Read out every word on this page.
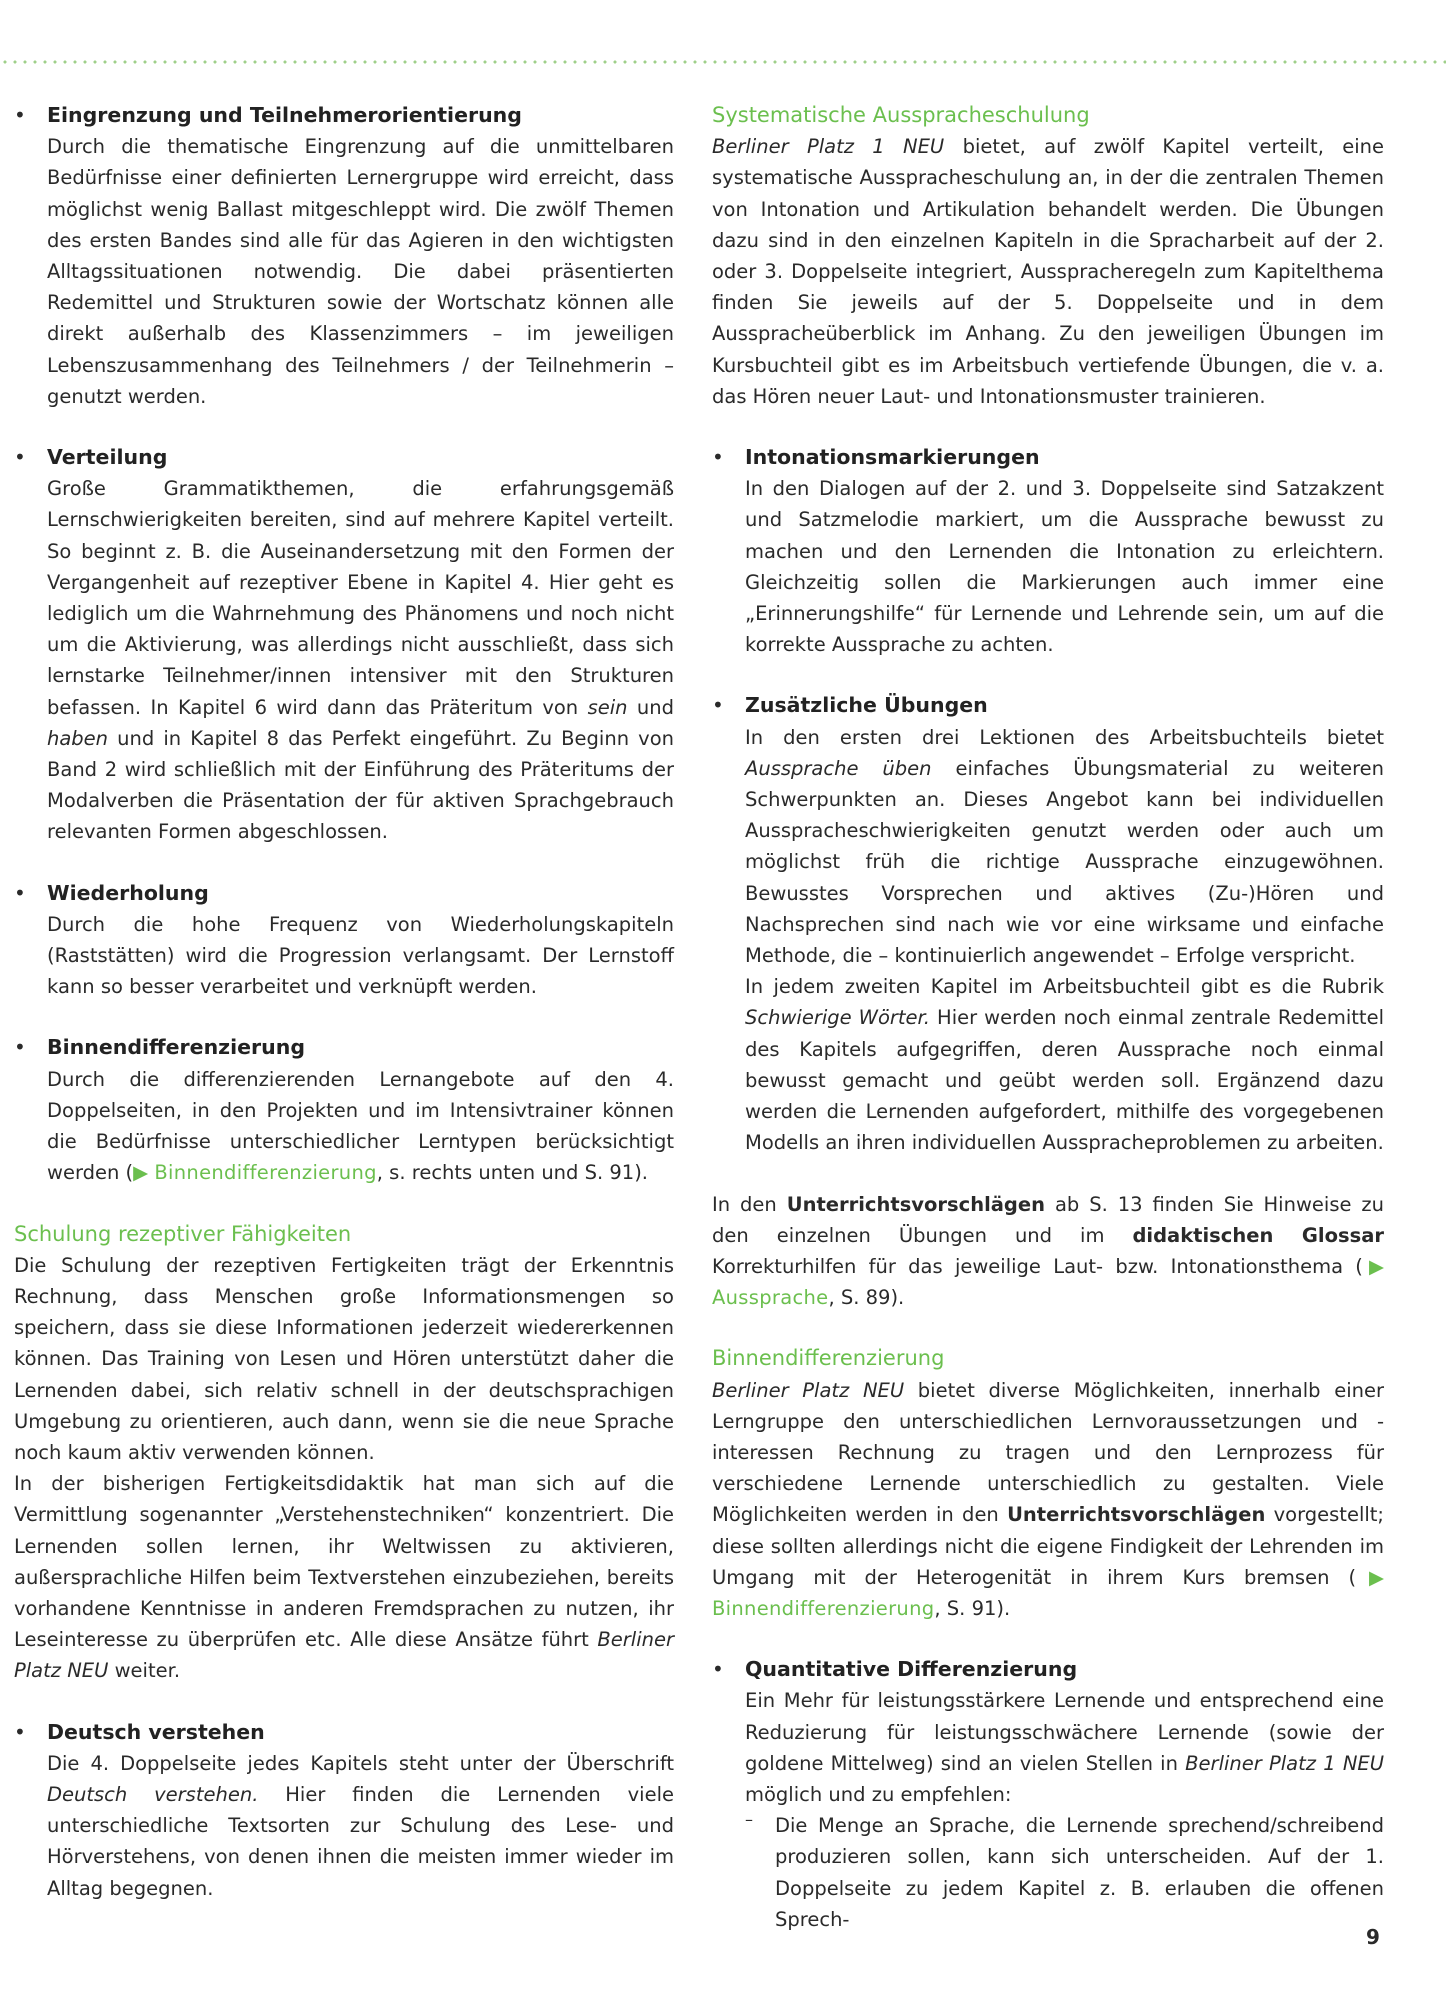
• Eingrenzung und Teilnehmerorientierung

Durch die thematische Eingrenzung auf die unmittelbaren Bedürfnisse einer definierten Lernergruppe wird erreicht, dass möglichst wenig Ballast mitgeschleppt wird. Die zwölf Themen des ersten Bandes sind alle für das Agieren in den wichtigsten Alltagssituationen notwendig. Die dabei präsentierten Redemittel und Strukturen sowie der Wortschatz können alle direkt außerhalb des Klassenzimmers – im jeweiligen Lebenszusammenhang des Teilnehmers / der Teilnehmerin – genutzt werden.

• Verteilung

Große Grammatikthemen, die erfahrungsgemäß Lernschwierigkeiten bereiten, sind auf mehrere Kapitel verteilt. So beginnt z. B. die Auseinandersetzung mit den Formen der Vergangenheit auf rezeptiver Ebene in Kapitel 4. Hier geht es lediglich um die Wahrnehmung des Phänomens und noch nicht um die Aktivierung, was allerdings nicht ausschließt, dass sich lernstarke Teilnehmer/innen intensiver mit den Strukturen befassen. In Kapitel 6 wird dann das Präteritum von sein und haben und in Kapitel 8 das Perfekt eingeführt. Zu Beginn von Band 2 wird schließlich mit der Einführung des Präteritums der Modalverben die Präsentation der für aktiven Sprachgebrauch relevanten Formen abgeschlossen.

• Wiederholung

Durch die hohe Frequenz von Wiederholungskapiteln (Raststätten) wird die Progression verlangsamt. Der Lernstoff kann so besser verarbeitet und verknüpft werden.

• Binnendifferenzierung

Durch die differenzierenden Lernangebote auf den 4. Doppelseiten, in den Projekten und im Intensivtrainer können die Bedürfnisse unterschiedlicher Lerntypen berücksichtigt werden (▶ Binnendifferenzierung, s. rechts unten und S. 91).

Schulung rezeptiver Fähigkeiten

Die Schulung der rezeptiven Fertigkeiten trägt der Erkenntnis Rechnung, dass Menschen große Informationsmengen so speichern, dass sie diese Informationen jederzeit wiedererkennen können. Das Training von Lesen und Hören unterstützt daher die Lernenden dabei, sich relativ schnell in der deutschsprachigen Umgebung zu orientieren, auch dann, wenn sie die neue Sprache noch kaum aktiv verwenden können.

In der bisherigen Fertigkeitsdidaktik hat man sich auf die Vermittlung sogenannter „Verstehenstechniken“ konzentriert. Die Lernenden sollen lernen, ihr Weltwissen zu aktivieren, außersprachliche Hilfen beim Textverstehen einzubeziehen, bereits vorhandene Kenntnisse in anderen Fremdsprachen zu nutzen, ihr Leseinteresse zu überprüfen etc. Alle diese Ansätze führt Berliner Platz NEU weiter.

• Deutsch verstehen

Die 4. Doppelseite jedes Kapitels steht unter der Überschrift Deutsch verstehen. Hier finden die Lernenden viele unterschiedliche Textsorten zur Schulung des Lese- und Hörverstehens, von denen ihnen die meisten immer wieder im Alltag begegnen.

Systematische Ausspracheschulung

Berliner Platz 1 NEU bietet, auf zwölf Kapitel verteilt, eine systematische Ausspracheschulung an, in der die zentralen Themen von Intonation und Artikulation behandelt werden. Die Übungen dazu sind in den einzelnen Kapiteln in die Spracharbeit auf der 2. oder 3. Doppelseite integriert, Ausspracheregeln zum Kapitelthema finden Sie jeweils auf der 5. Doppelseite und in dem Ausspracheüberblick im Anhang. Zu den jeweiligen Übungen im Kursbuchteil gibt es im Arbeitsbuch vertiefende Übungen, die v. a. das Hören neuer Laut- und Intonationsmuster trainieren.

• Intonationsmarkierungen

In den Dialogen auf der 2. und 3. Doppelseite sind Satzakzent und Satzmelodie markiert, um die Aussprache bewusst zu machen und den Lernenden die Intonation zu erleichtern. Gleichzeitig sollen die Markierungen auch immer eine „Erinnerungshilfe“ für Lernende und Lehrende sein, um auf die korrekte Aussprache zu achten.

• Zusätzliche Übungen

In den ersten drei Lektionen des Arbeitsbuchteils bietet Aussprache üben einfaches Übungsmaterial zu weiteren Schwerpunkten an. Dieses Angebot kann bei individuellen Ausspracheschwierigkeiten genutzt werden oder auch um möglichst früh die richtige Aussprache einzugewöhnen. Bewusstes Vorsprechen und aktives (Zu-)Hören und Nachsprechen sind nach wie vor eine wirksame und einfache Methode, die – kontinuierlich angewendet – Erfolge verspricht.

In jedem zweiten Kapitel im Arbeitsbuchteil gibt es die Rubrik Schwierige Wörter. Hier werden noch einmal zentrale Redemittel des Kapitels aufgegriffen, deren Aussprache noch einmal bewusst gemacht und geübt werden soll. Ergänzend dazu werden die Lernenden aufgefordert, mithilfe des vorgegebenen Modells an ihren individuellen Ausspracheproblemen zu arbeiten.

In den Unterrichtsvorschlägen ab S. 13 finden Sie Hinweise zu den einzelnen Übungen und im didaktischen Glossar Korrekturhilfen für das jeweilige Laut- bzw. Intonationsthema (▶ Aussprache, S. 89).

Binnendifferenzierung

Berliner Platz NEU bietet diverse Möglichkeiten, innerhalb einer Lerngruppe den unterschiedlichen Lernvoraussetzungen und -interessen Rechnung zu tragen und den Lernprozess für verschiedene Lernende unterschiedlich zu gestalten. Viele Möglichkeiten werden in den Unterrichtsvorschlägen vorgestellt; diese sollten allerdings nicht die eigene Findigkeit der Lehrenden im Umgang mit der Heterogenität in ihrem Kurs bremsen (▶ Binnendifferenzierung, S. 91).

• Quantitative Differenzierung

Ein Mehr für leistungsstärkere Lernende und entsprechend eine Reduzierung für leistungsschwächere Lernende (sowie der goldene Mittelweg) sind an vielen Stellen in Berliner Platz 1 NEU möglich und zu empfehlen:

– Die Menge an Sprache, die Lernende sprechend/schreibend produzieren sollen, kann sich unterscheiden. Auf der 1. Doppelseite zu jedem Kapitel z. B. erlauben die offenen Sprech-

9
